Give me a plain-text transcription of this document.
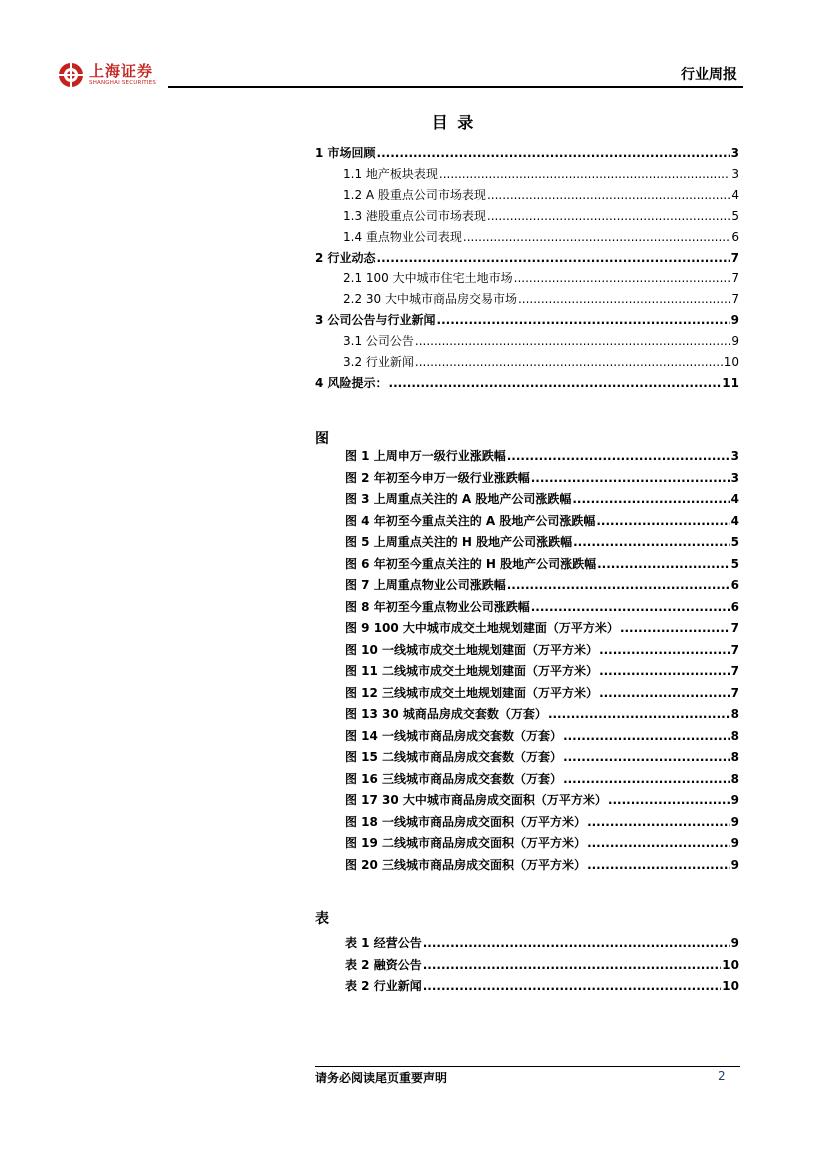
上海证券
SHANGHAI SECURITIES	行业周报
目 录
1 市场回顾 .....	3
1.1 地产板块表现 .....	3
1.2 A 股重点公司市场表现 .....	4
1.3 港股重点公司市场表现 .....	5
1.4 重点物业公司表现 .....	6
2 行业动态 .....	7
2.1 100 大中城市住宅土地市场 .....	7
2.2 30 大中城市商品房交易市场 .....	7
3 公司公告与行业新闻 .....	9
3.1 公司公告 .....	9
3.2 行业新闻 .....	10
4 风险提示： .....	11
图
图 1 上周申万一级行业涨跌幅 .....	3
图 2 年初至今申万一级行业涨跌幅 .....	3
图 3 上周重点关注的 A 股地产公司涨跌幅 .....	4
图 4 年初至今重点关注的 A 股地产公司涨跌幅 .....	4
图 5 上周重点关注的 H 股地产公司涨跌幅 .....	5
图 6 年初至今重点关注的 H 股地产公司涨跌幅 .....	5
图 7 上周重点物业公司涨跌幅 .....	6
图 8 年初至今重点物业公司涨跌幅 .....	6
图 9 100 大中城市成交土地规划建面（万平方米） .....	7
图 10 一线城市成交土地规划建面（万平方米） .....	7
图 11 二线城市成交土地规划建面（万平方米） .....	7
图 12 三线城市成交土地规划建面（万平方米） .....	7
图 13 30 城商品房成交套数（万套） .....	8
图 14 一线城市商品房成交套数（万套） .....	8
图 15 二线城市商品房成交套数（万套） .....	8
图 16 三线城市商品房成交套数（万套） .....	8
图 17 30 大中城市商品房成交面积（万平方米） .....	9
图 18 一线城市商品房成交面积（万平方米） .....	9
图 19 二线城市商品房成交面积（万平方米） .....	9
图 20 三线城市商品房成交面积（万平方米） .....	9
表
表 1 经营公告 .....	9
表 2 融资公告 .....	10
表 2 行业新闻 .....	10
请务必阅读尾页重要声明	2
